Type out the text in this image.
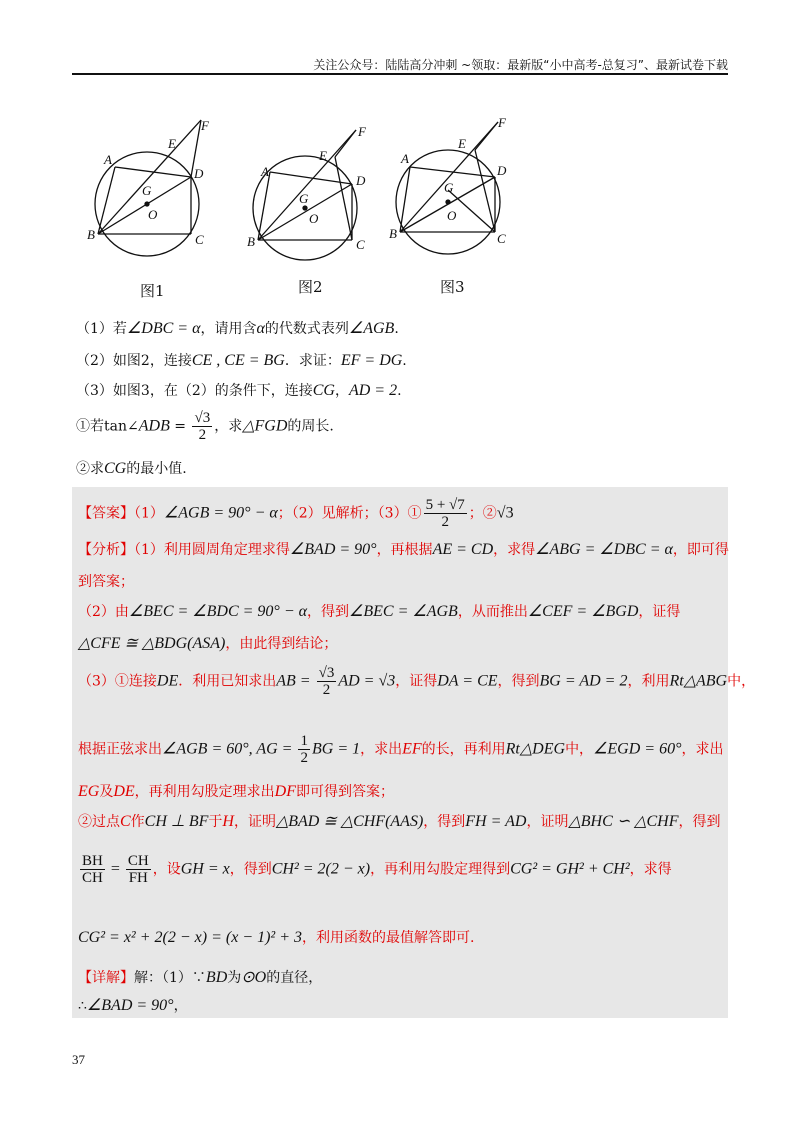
关注公众号：陆陆高分冲刺 ~领取：最新版“小中高考-总复习”、最新试卷下载
A
B	C
D
E
F
G
O
A
B	C
D
E
F
G
O
A
B	C
D
E
F
G
O
图1	图2	图3
（1）若∠DBC = α，请用含α的代数式表列∠AGB.
（2）如图2，连接CE , CE = BG．求证：EF = DG.
（3）如图3，在（2）的条件下，连接CG，AD = 2.
①若tan∠ADB = $\frac{√3}{2}$ ，求△FGD的周长.
②求CG的最小值.
【答案】（1）∠AGB = 90° − α；（2）见解析；（3）① $\frac{5 + √7}{2}$ ；②√3
【分析】（1）利用圆周角定理求得∠BAD = 90°，再根据AE = CD，求得∠ABG = ∠DBC = α，即可得
到答案；
（2）由∠BEC = ∠BDC = 90° − α，得到∠BEC = ∠AGB，从而推出∠CEF = ∠BGD，证得
△CFE ≅ △BDG(ASA)，由此得到结论；
（3）①连接DE．利用已知求出AB = $\frac{√3}{2}$ AD = √3，证得DA = CE，得到BG = AD = 2，利用Rt△ABG中，
根据正弦求出∠AGB = 60°, AG = $\frac{1}{2}$ BG = 1，求出EF的长，再利用Rt△DEG中，∠EGD = 60°，求出
EG及DE，再利用勾股定理求出DF即可得到答案；
②过点C作CH ⊥ BF于H，证明△BAD ≅ △CHF(AAS)，得到FH = AD，证明△BHC ∽ △CHF，得到
$\frac{BH}{CH} = \frac{CH}{FH}$ ，设GH = x，得到CH² = 2(2 − x)，再利用勾股定理得到CG² = GH² + CH²，求得
CG² = x² + 2(2 − x) = (x − 1)² + 3，利用函数的最值解答即可.
【详解】解：（1）∵BD为⊙O的直径，
∴∠BAD = 90°，
37
